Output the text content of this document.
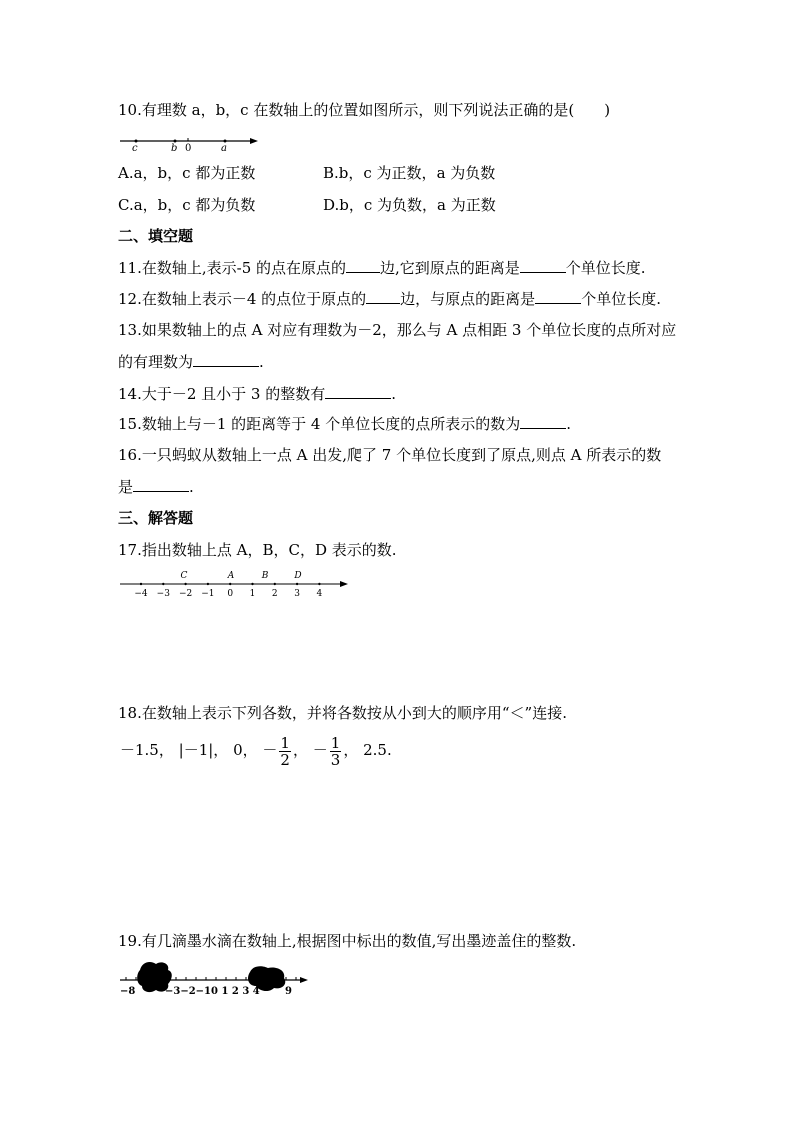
10.有理数 a，b，c 在数轴上的位置如图所示，则下列说法正确的是(　　)
c	b 0	a
A.a，b，c 都为正数	B.b，c 为正数，a 为负数
C.a，b，c 都为负数	D.b，c 为负数，a 为正数
二、填空题
11.在数轴上,表示-5 的点在原点的 边,它到原点的距离是	个单位长度.
12.在数轴上表示－4 的点位于原点的 边，与原点的距离是	个单位长度.
13.如果数轴上的点 A 对应有理数为－2，那么与 A 点相距 3 个单位长度的点所对应
的有理数为	.
14.大于－2 且小于 3 的整数有	.
15.数轴上与－1 的距离等于 4 个单位长度的点所表示的数为	.
16.一只蚂蚁从数轴上一点 A 出发,爬了 7 个单位长度到了原点,则点 A 所表示的数
是	.
三、解答题
17.指出数轴上点 A，B，C，D 表示的数.
−4 −3 −2 −1 0 1 2 3 4
C	A	B	D
18.在数轴上表示下列各数，并将各数按从小到大的顺序用“＜”连接.
－1.5， |－1|， 0， － $\frac{1}{2}$ ， － $\frac{1}{3}$ ， 2.5.
19.有几滴墨水滴在数轴上,根据图中标出的数值,写出墨迹盖住的整数.
−8	−3−2−10 1 2 3 4	9
